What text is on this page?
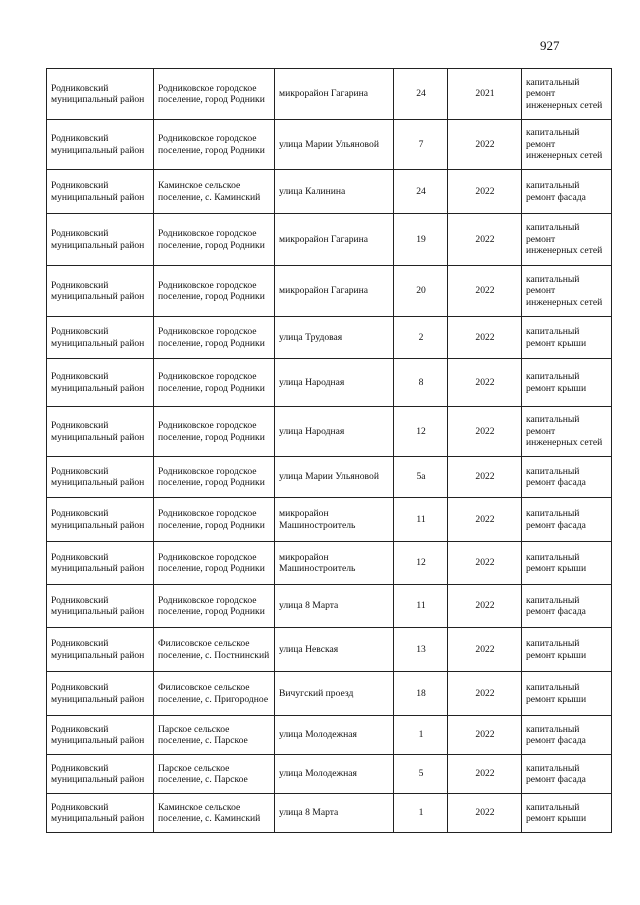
927
Родниковский муниципальный район	Родниковское городское поселение, город Родники	микрорайон Гагарина	24	2021	капитальный ремонт инженерных сетей
Родниковский муниципальный район	Родниковское городское поселение, город Родники	улица Марии Ульяновой	7	2022	капитальный ремонт инженерных сетей
Родниковский муниципальный район	Каминское сельское поселение, с. Каминский	улица Калинина	24	2022	капитальный ремонт фасада
Родниковский муниципальный район	Родниковское городское поселение, город Родники	микрорайон Гагарина	19	2022	капитальный ремонт инженерных сетей
Родниковский муниципальный район	Родниковское городское поселение, город Родники	микрорайон Гагарина	20	2022	капитальный ремонт инженерных сетей
Родниковский муниципальный район	Родниковское городское поселение, город Родники	улица Трудовая	2	2022	капитальный ремонт крыши
Родниковский муниципальный район	Родниковское городское поселение, город Родники	улица Народная	8	2022	капитальный ремонт крыши
Родниковский муниципальный район	Родниковское городское поселение, город Родники	улица Народная	12	2022	капитальный ремонт инженерных сетей
Родниковский муниципальный район	Родниковское городское поселение, город Родники	улица Марии Ульяновой	5а	2022	капитальный ремонт фасада
Родниковский муниципальный район	Родниковское городское поселение, город Родники	микрорайон Машиностроитель	11	2022	капитальный ремонт фасада
Родниковский муниципальный район	Родниковское городское поселение, город Родники	микрорайон Машиностроитель	12	2022	капитальный ремонт крыши
Родниковский муниципальный район	Родниковское городское поселение, город Родники	улица 8 Марта	11	2022	капитальный ремонт фасада
Родниковский муниципальный район	Филисовское сельское поселение, с. Постнинский	улица Невская	13	2022	капитальный ремонт крыши
Родниковский муниципальный район	Филисовское сельское поселение, с. Пригородное	Вичугский проезд	18	2022	капитальный ремонт крыши
Родниковский муниципальный район	Парское сельское поселение, с. Парское	улица Молодежная	1	2022	капитальный ремонт фасада
Родниковский муниципальный район	Парское сельское поселение, с. Парское	улица Молодежная	5	2022	капитальный ремонт фасада
Родниковский муниципальный район	Каминское сельское поселение, с. Каминский	улица 8 Марта	1	2022	капитальный ремонт крыши
